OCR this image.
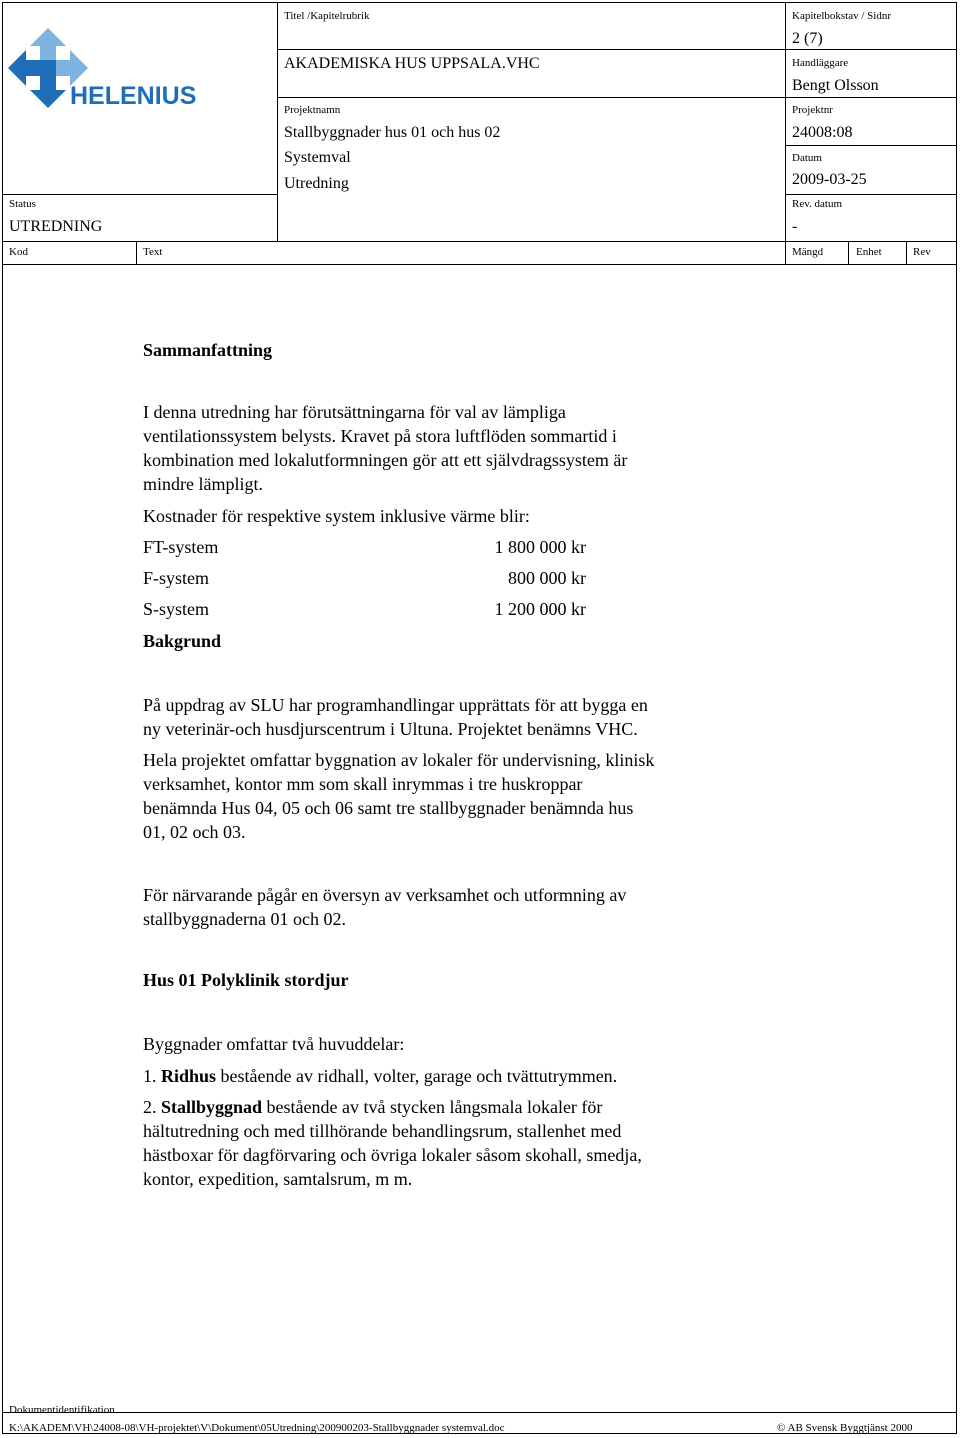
HELENIUS
Titel /Kapitelrubrik
AKADEMISKA HUS UPPSALA.VHC
Projektnamn
Stallbyggnader hus 01 och hus 02
Systemval
Utredning
Status
UTREDNING
Kapitelbokstav / Sidnr
2 (7)
Handläggare
Bengt Olsson
Projektnr
24008:08
Datum
2009-03-25
Rev. datum
-
Kod	Text	Mängd	Enhet	Rev
Sammanfattning
I denna utredning har förutsättningarna för val av lämpliga
ventilationssystem belysts. Kravet på stora luftflöden sommartid i
kombination med lokalutformningen gör att ett självdragssystem är
mindre lämpligt.
Kostnader för respektive system inklusive värme blir:
FT-system	1 800 000 kr
F-system	800 000 kr
S-system	1 200 000 kr
Bakgrund
På uppdrag av SLU har programhandlingar upprättats för att bygga en
ny veterinär-och husdjurscentrum i Ultuna. Projektet benämns VHC.
Hela projektet omfattar byggnation av lokaler för undervisning, klinisk
verksamhet, kontor mm som skall inrymmas i tre huskroppar
benämnda Hus 04, 05 och 06 samt tre stallbyggnader benämnda hus
01, 02 och 03.
För närvarande pågår en översyn av verksamhet och utformning av
stallbyggnaderna 01 och 02.
Hus 01 Polyklinik stordjur
Byggnader omfattar två huvuddelar:
1. Ridhus bestående av ridhall, volter, garage och tvättutrymmen.
2. Stallbyggnad bestående av två stycken långsmala lokaler för
hältutredning och med tillhörande behandlingsrum, stallenhet med
hästboxar för dagförvaring och övriga lokaler såsom skohall, smedja,
kontor, expedition, samtalsrum, m m.
Dokumentidentifikation
K:\AKADEM\VH\24008-08\VH-projektet\V\Dokument\05Utredning\200900203-Stallbyggnader systemval.doc	© AB Svensk Byggtjänst 2000
